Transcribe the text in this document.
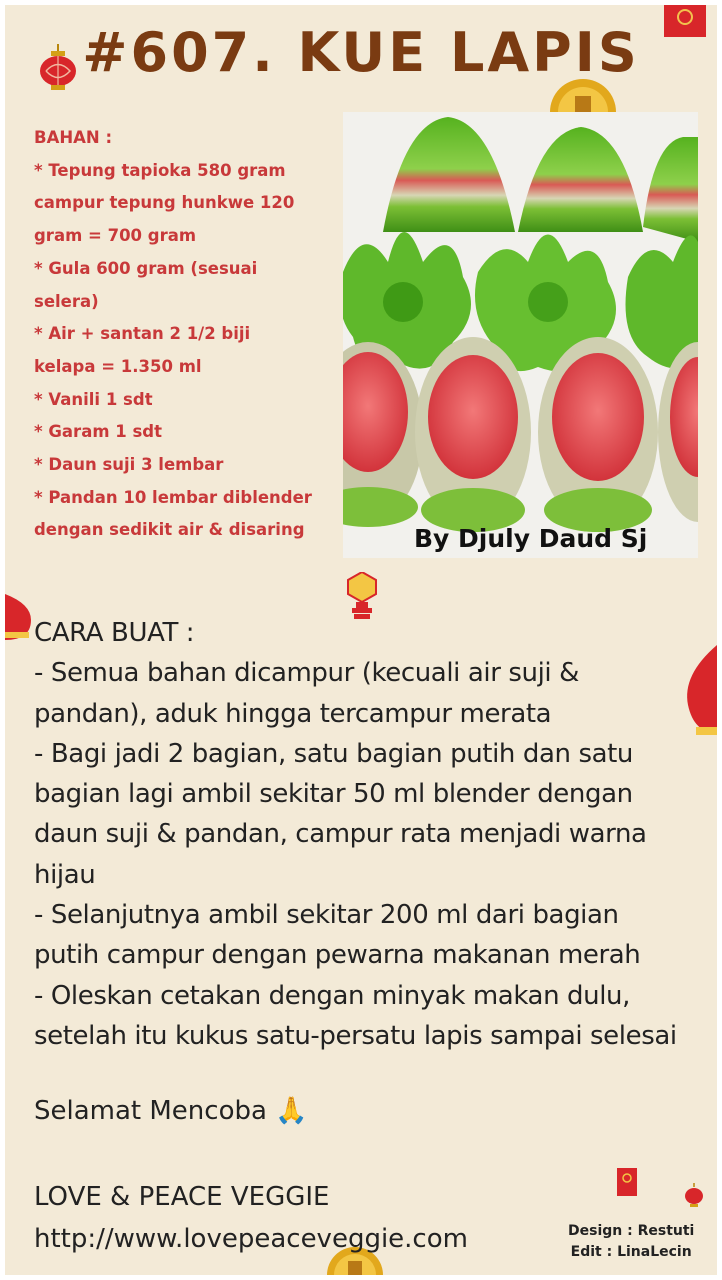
#607. KUE LAPIS
BAHAN :
* Tepung tapioka 580 gram
campur tepung hunkwe 120
gram = 700 gram
* Gula 600 gram (sesuai
selera)
* Air + santan 2 1/2 biji
kelapa = 1.350 ml
* Vanili 1 sdt
* Garam 1 sdt
* Daun suji 3 lembar
* Pandan 10 lembar diblender
dengan sedikit air & disaring	By Djuly Daud Sj
CARA BUAT :
- Semua bahan dicampur (kecuali air suji &
pandan), aduk hingga tercampur merata
- Bagi jadi 2 bagian, satu bagian putih dan satu
bagian lagi ambil sekitar 50 ml blender dengan
daun suji & pandan, campur rata menjadi warna
hijau
- Selanjutnya ambil sekitar 200 ml dari bagian
putih campur dengan pewarna makanan merah
- Oleskan cetakan dengan minyak makan dulu,
setelah itu kukus satu-persatu lapis sampai selesai
Selamat Mencoba 🙏
LOVE & PEACE VEGGIE
http://www.lovepeaceveggie.com	Design : Restuti
Edit : LinaLecin
